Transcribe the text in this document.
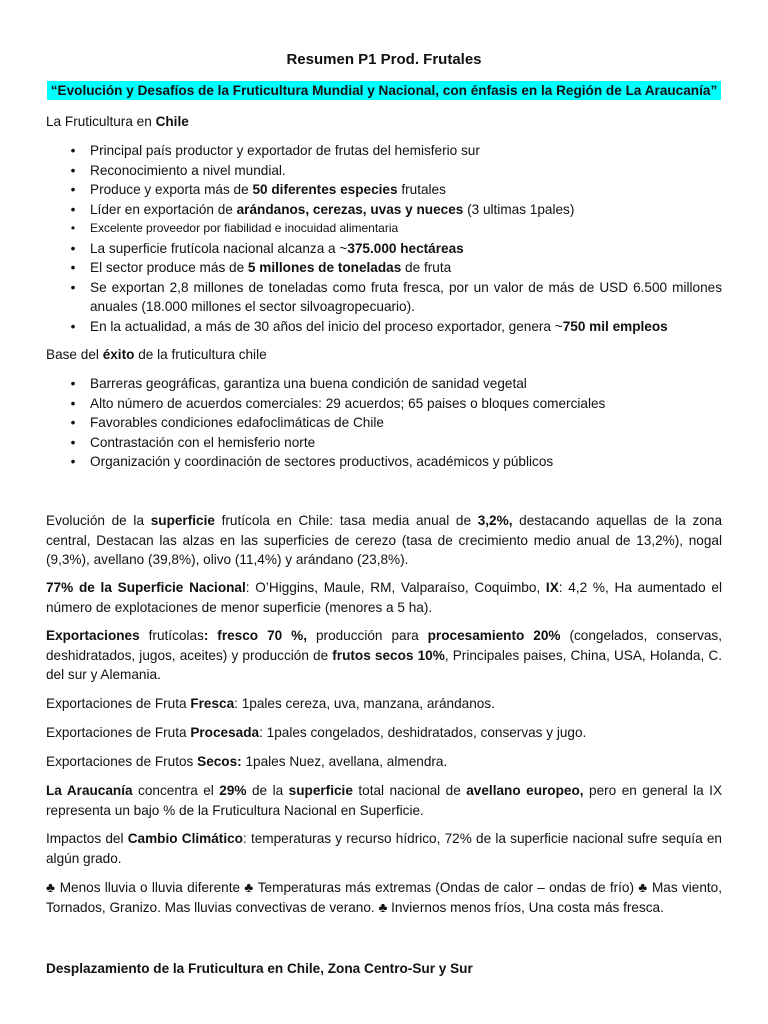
Resumen P1 Prod. Frutales
“Evolución y Desafíos de la Fruticultura Mundial y Nacional, con énfasis en la Región de La Araucanía”

La Fruticultura en Chile

• Principal país productor y exportador de frutas del hemisferio sur
• Reconocimiento a nivel mundial.
• Produce y exporta más de 50 diferentes especies frutales
• Líder en exportación de arándanos, cerezas, uvas y nueces (3 ultimas 1pales)
•	Excelente proveedor por fiabilidad e inocuidad alimentaria
• La superficie frutícola nacional alcanza a ~375.000 hectáreas
• El sector produce más de 5 millones de toneladas de fruta
• Se exportan 2,8 millones de toneladas como fruta fresca, por un valor de más de USD 6.500 millones anuales (18.000 millones el sector silvoagropecuario).
• En la actualidad, a más de 30 años del inicio del proceso exportador, genera ~750 mil empleos

Base del éxito de la fruticultura chile

• Barreras geográficas, garantiza una buena condición de sanidad vegetal
• Alto número de acuerdos comerciales: 29 acuerdos; 65 paises o bloques comerciales
• Favorables condiciones edafoclimáticas de Chile
• Contrastación con el hemisferio norte
• Organización y coordinación de sectores productivos, académicos y públicos

Evolución de la superficie frutícola en Chile: tasa media anual de 3,2%, destacando aquellas de la zona central, Destacan las alzas en las superficies de cerezo (tasa de crecimiento medio anual de 13,2%), nogal (9,3%), avellano (39,8%), olivo (11,4%) y arándano (23,8%).

77% de la Superficie Nacional: O’Higgins, Maule, RM, Valparaíso, Coquimbo, IX: 4,2 %, Ha aumentado el número de explotaciones de menor superficie (menores a 5 ha).

Exportaciones frutícolas: fresco 70 %, producción para procesamiento 20% (congelados, conservas, deshidratados, jugos, aceites) y producción de frutos secos 10%, Principales paises, China, USA, Holanda, C. del sur y Alemania.

Exportaciones de Fruta Fresca: 1pales cereza, uva, manzana, arándanos.

Exportaciones de Fruta Procesada: 1pales congelados, deshidratados, conservas y jugo.

Exportaciones de Frutos Secos: 1pales Nuez, avellana, almendra.

La Araucanía concentra el 29% de la superficie total nacional de avellano europeo, pero en general la IX representa un bajo % de la Fruticultura Nacional en Superficie.

Impactos del Cambio Climático: temperaturas y recurso hídrico, 72% de la superficie nacional sufre sequía en algún grado.

♣ Menos lluvia o lluvia diferente ♣ Temperaturas más extremas (Ondas de calor – ondas de frío) ♣ Mas viento, Tornados, Granizo. Mas lluvias convectivas de verano. ♣ Inviernos menos fríos, Una costa más fresca.

Desplazamiento de la Fruticultura en Chile, Zona Centro-Sur y Sur
